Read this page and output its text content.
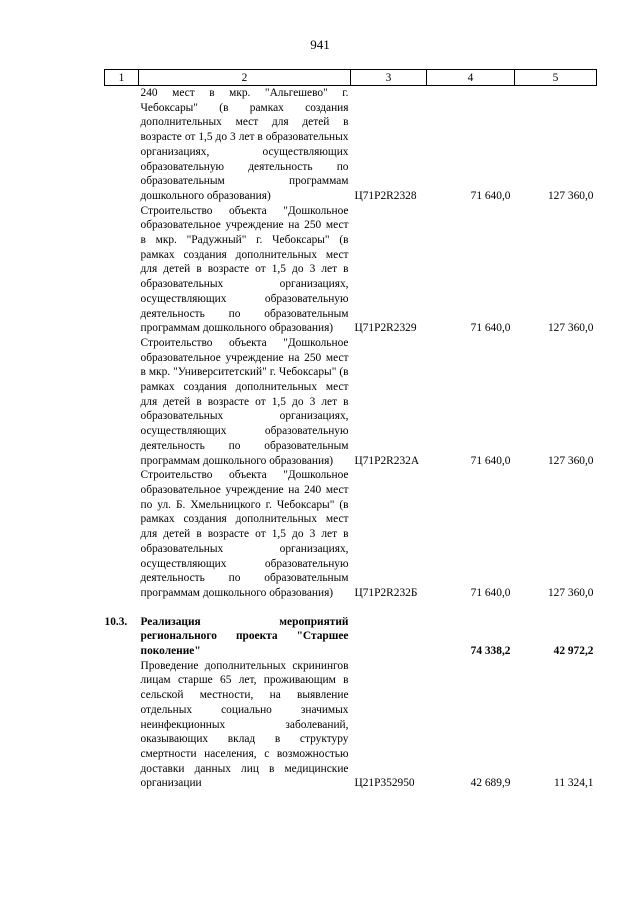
941
1	2	3	4	5

	240 мест в мкр. "Альгешево" г. Чебоксары" (в рамках создания дополнительных мест для детей в возрасте от 1,5 до 3 лет в образовательных организациях, осуществляющих образовательную деятельность по образовательным программам дошкольного образования)	Ц71Р2R2328	71 640,0	127 360,0

	Строительство объекта "Дошкольное образовательное учреждение на 250 мест в мкр. "Радужный" г. Чебоксары" (в рамках создания дополнительных мест для детей в возрасте от 1,5 до 3 лет в образовательных организациях, осуществляющих образовательную деятельность по образовательным программам дошкольного образования)	Ц71Р2R2329	71 640,0	127 360,0

	Строительство объекта "Дошкольное образовательное учреждение на 250 мест в мкр. "Университетский" г. Чебоксары" (в рамках создания дополнительных мест для детей в возрасте от 1,5 до 3 лет в образовательных организациях, осуществляющих образовательную деятельность по образовательным программам дошкольного образования)	Ц71Р2R232А	71 640,0	127 360,0

	Строительство объекта "Дошкольное образовательное учреждение на 240 мест по ул. Б. Хмельницкого г. Чебоксары" (в рамках создания дополнительных мест для детей в возрасте от 1,5 до 3 лет в образовательных организациях, осуществляющих образовательную деятельность по образовательным программам дошкольного образования)	Ц71Р2R232Б	71 640,0	127 360,0

10.3.	Реализация мероприятий регионального проекта "Старшее поколение"		74 338,2	42 972,2

	Проведение дополнительных скринингов лицам старше 65 лет, проживающим в сельской местности, на выявление отдельных социально значимых неинфекционных заболеваний, оказывающих вклад в структуру смертности населения, с возможностью доставки данных лиц в медицинские организации	Ц21Р352950	42 689,9	11 324,1
